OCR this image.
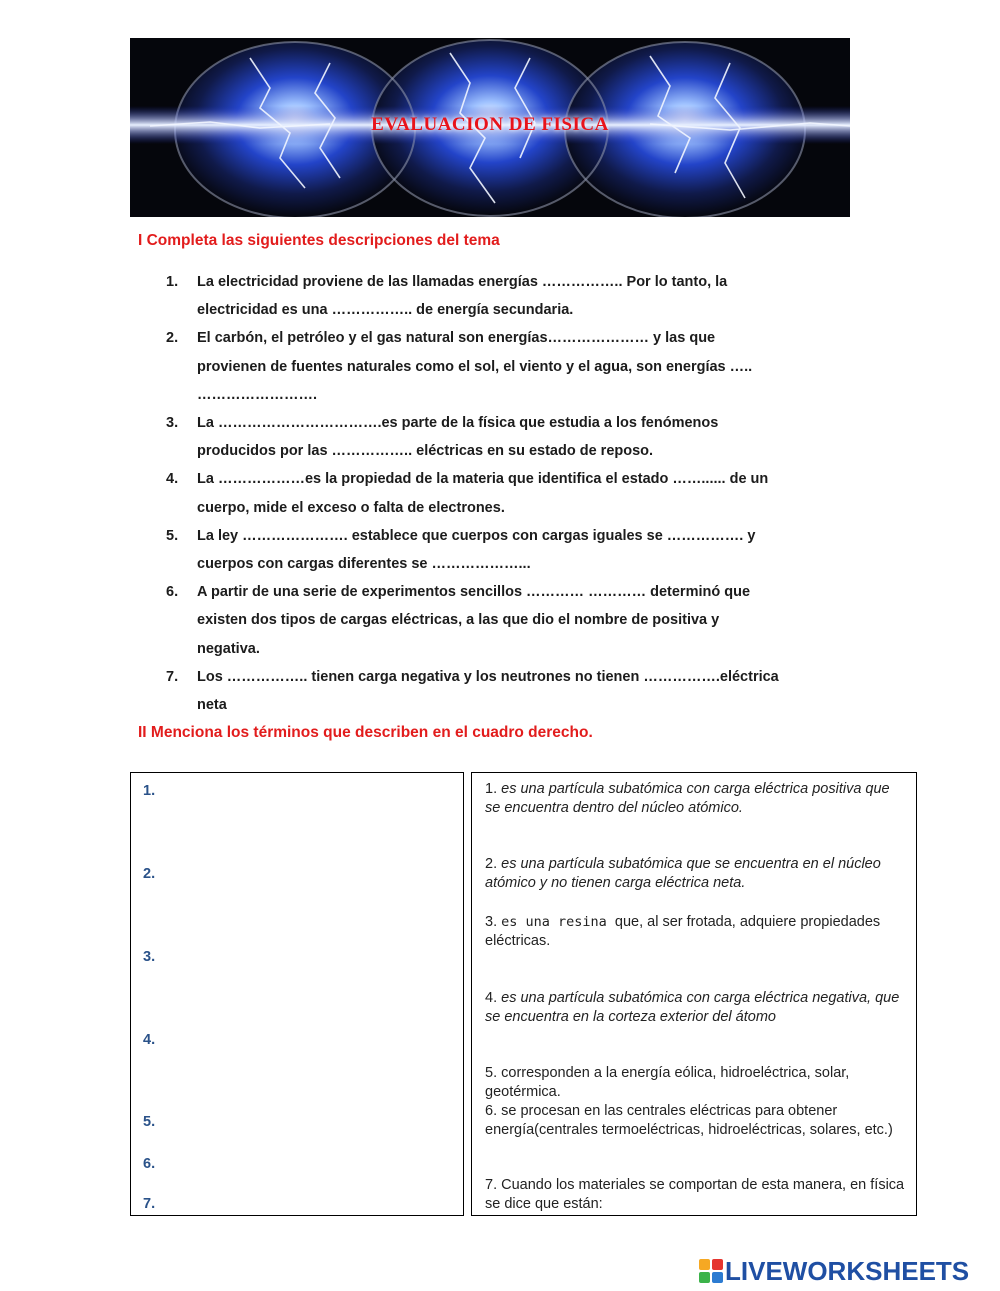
EVALUACION DE FISICA
I Completa las siguientes descripciones del tema
1. La electricidad proviene de las llamadas energías …………….. Por lo tanto, la
electricidad es una …………….. de energía secundaria.
2. El carbón, el petróleo y el gas natural son energías………………… y las que
provienen de fuentes naturales como el sol, el viento y el agua, son energías …..
…………………….
3. La …………………………….es parte de la física que estudia a los fenómenos
producidos por las …………….. eléctricas en su estado de reposo.
4. La ………………es la propiedad de la materia que identifica el estado ……...... de un
cuerpo, mide el exceso o falta de electrones.
5. La ley …………………. establece que cuerpos con cargas iguales se ……………. y
cuerpos con cargas diferentes se ………………...
6. A partir de una serie de experimentos sencillos ………… ………… determinó que
existen dos tipos de cargas eléctricas, a las que dio el nombre de positiva y
negativa.
7. Los …………….. tienen carga negativa y los neutrones no tienen …………….eléctrica
neta
II Menciona los términos que describen en el cuadro derecho.
1.
2.
3.
4.
5.
6.
7.
1. es una partícula subatómica con carga eléctrica positiva que se encuentra dentro del núcleo atómico.
2. es una partícula subatómica que se encuentra en el núcleo atómico y no tienen carga eléctrica neta.
3. es una resina que, al ser frotada, adquiere propiedades eléctricas.
4. es una partícula subatómica con carga eléctrica negativa, que se encuentra en la corteza exterior del átomo
5. corresponden a la energía eólica, hidroeléctrica, solar, geotérmica.
6. se procesan en las centrales eléctricas para obtener energía(centrales termoeléctricas, hidroeléctricas, solares, etc.)
7. Cuando los materiales se comportan de esta manera, en física se dice que están:
LIVEWORKSHEETS
